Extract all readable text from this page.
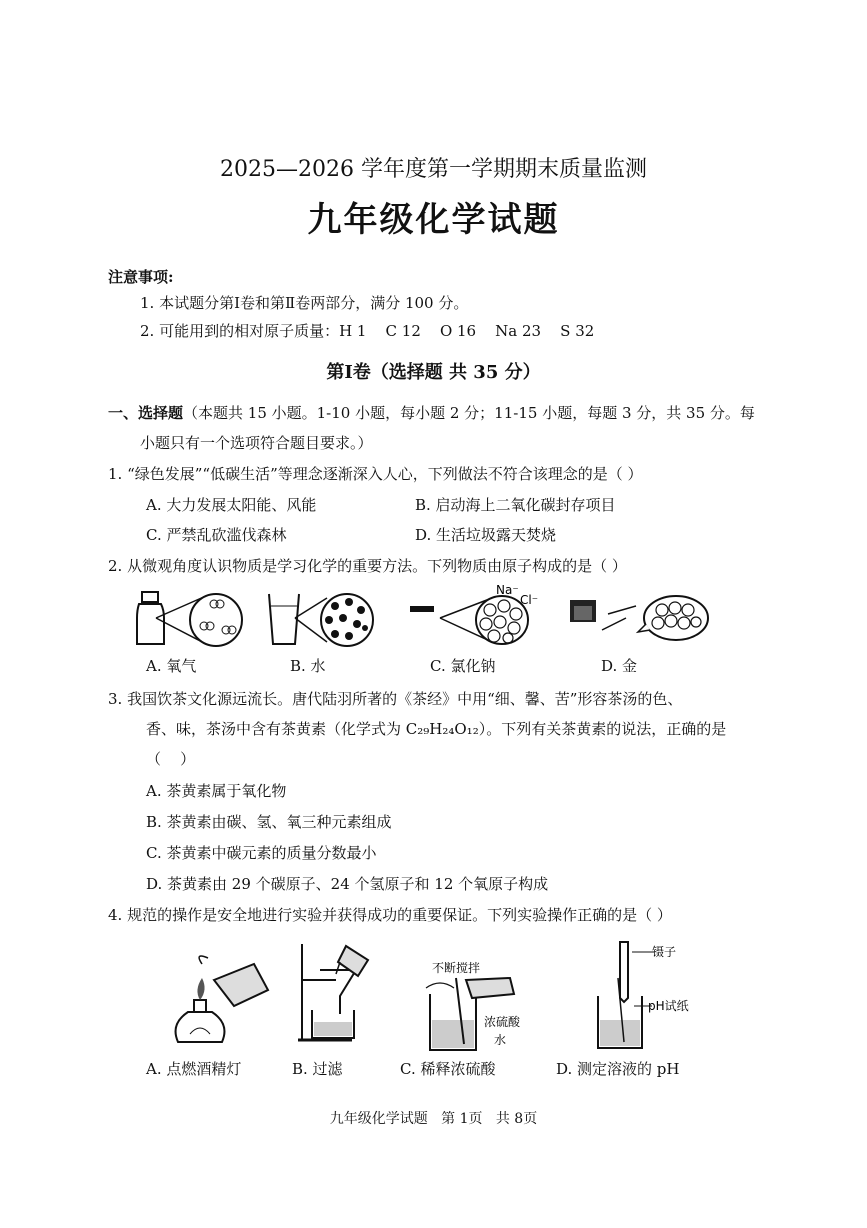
2025—2026 学年度第一学期期末质量监测
九年级化学试题
注意事项:
1. 本试题分第Ⅰ卷和第Ⅱ卷两部分，满分 100 分。
2. 可能用到的相对原子质量：H 1    C 12    O 16    Na 23    S 32
第Ⅰ卷（选择题 共 35 分）
一、选择题（本题共 15 小题。1-10 小题，每小题 2 分；11-15 小题，每题 3 分，共 35 分。每
小题只有一个选项符合题目要求。）
1. “绿色发展”“低碳生活”等理念逐渐深入人心，下列做法不符合该理念的是（ ）
A. 大力发展太阳能、风能	B. 启动海上二氧化碳封存项目
C. 严禁乱砍滥伐森林	D. 生活垃圾露天焚烧
2. 从微观角度认识物质是学习化学的重要方法。下列物质由原子构成的是（ ）
Na⁻
Cl⁻
A. 氧气	B. 水	C. 氯化钠	D. 金
3. 我国饮茶文化源远流长。唐代陆羽所著的《茶经》中用“细、馨、苦”形容茶汤的色、
香、味，茶汤中含有茶黄素（化学式为 C₂₉H₂₄O₁₂）。下列有关茶黄素的说法，正确的是
（    ）
A. 茶黄素属于氧化物
B. 茶黄素由碳、氢、氧三种元素组成
C. 茶黄素中碳元素的质量分数最小
D. 茶黄素由 29 个碳原子、24 个氢原子和 12 个氧原子构成
4. 规范的操作是安全地进行实验并获得成功的重要保证。下列实验操作正确的是（ ）
不断搅拌
浓硫酸
水
镊子
pH试纸
A. 点燃酒精灯	B. 过滤	C. 稀释浓硫酸	D. 测定溶液的 pH
九年级化学试题   第 1页   共 8页
